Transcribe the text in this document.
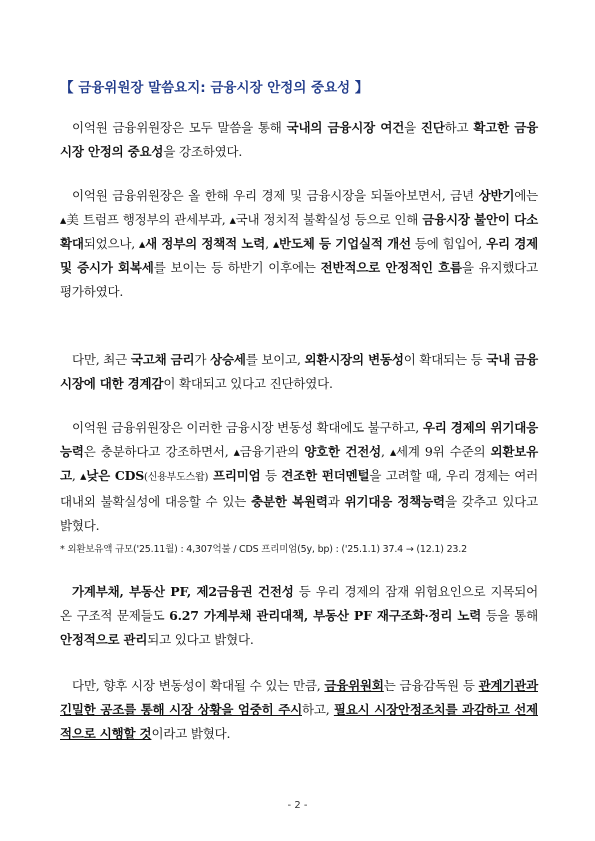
【 금융위원장 말씀요지: 금융시장 안정의 중요성 】
이억원 금융위원장은 모두 말씀을 통해 국내의 금융시장 여건을 진단하고 확고한 금융시장 안정의 중요성을 강조하였다.
이억원 금융위원장은 올 한해 우리 경제 및 금융시장을 되돌아보면서, 금년 상반기에는 ▴美 트럼프 행정부의 관세부과, ▴국내 정치적 불확실성 등으로 인해 금융시장 불안이 다소 확대되었으나, ▴새 정부의 정책적 노력, ▴반도체 등 기업실적 개선 등에 힘입어, 우리 경제 및 증시가 회복세를 보이는 등 하반기 이후에는 전반적으로 안정적인 흐름을 유지했다고 평가하였다.
다만, 최근 국고채 금리가 상승세를 보이고, 외환시장의 변동성이 확대되는 등 국내 금융시장에 대한 경계감이 확대되고 있다고 진단하였다.
이억원 금융위원장은 이러한 금융시장 변동성 확대에도 불구하고, 우리 경제의 위기대응 능력은 충분하다고 강조하면서, ▴금융기관의 양호한 건전성, ▴세계 9위 수준의 외환보유고, ▴낮은 CDS(신용부도스왑) 프리미엄 등 견조한 펀더멘털을 고려할 때, 우리 경제는 여러 대내외 불확실성에 대응할 수 있는 충분한 복원력과 위기대응 정책능력을 갖추고 있다고 밝혔다.
* 외환보유액 규모('25.11월) : 4,307억불 / CDS 프리미엄(5y, bp) : ('25.1.1) 37.4 → (12.1) 23.2
가계부채, 부동산 PF, 제2금융권 건전성 등 우리 경제의 잠재 위험요인으로 지목되어 온 구조적 문제들도 6.27 가계부채 관리대책, 부동산 PF 재구조화·정리 노력 등을 통해 안정적으로 관리되고 있다고 밝혔다.
다만, 향후 시장 변동성이 확대될 수 있는 만큼, 금융위원회는 금융감독원 등 관계기관과 긴밀한 공조를 통해 시장 상황을 엄중히 주시하고, 필요시 시장안정조치를 과감하고 선제적으로 시행할 것이라고 밝혔다.
- 2 -
